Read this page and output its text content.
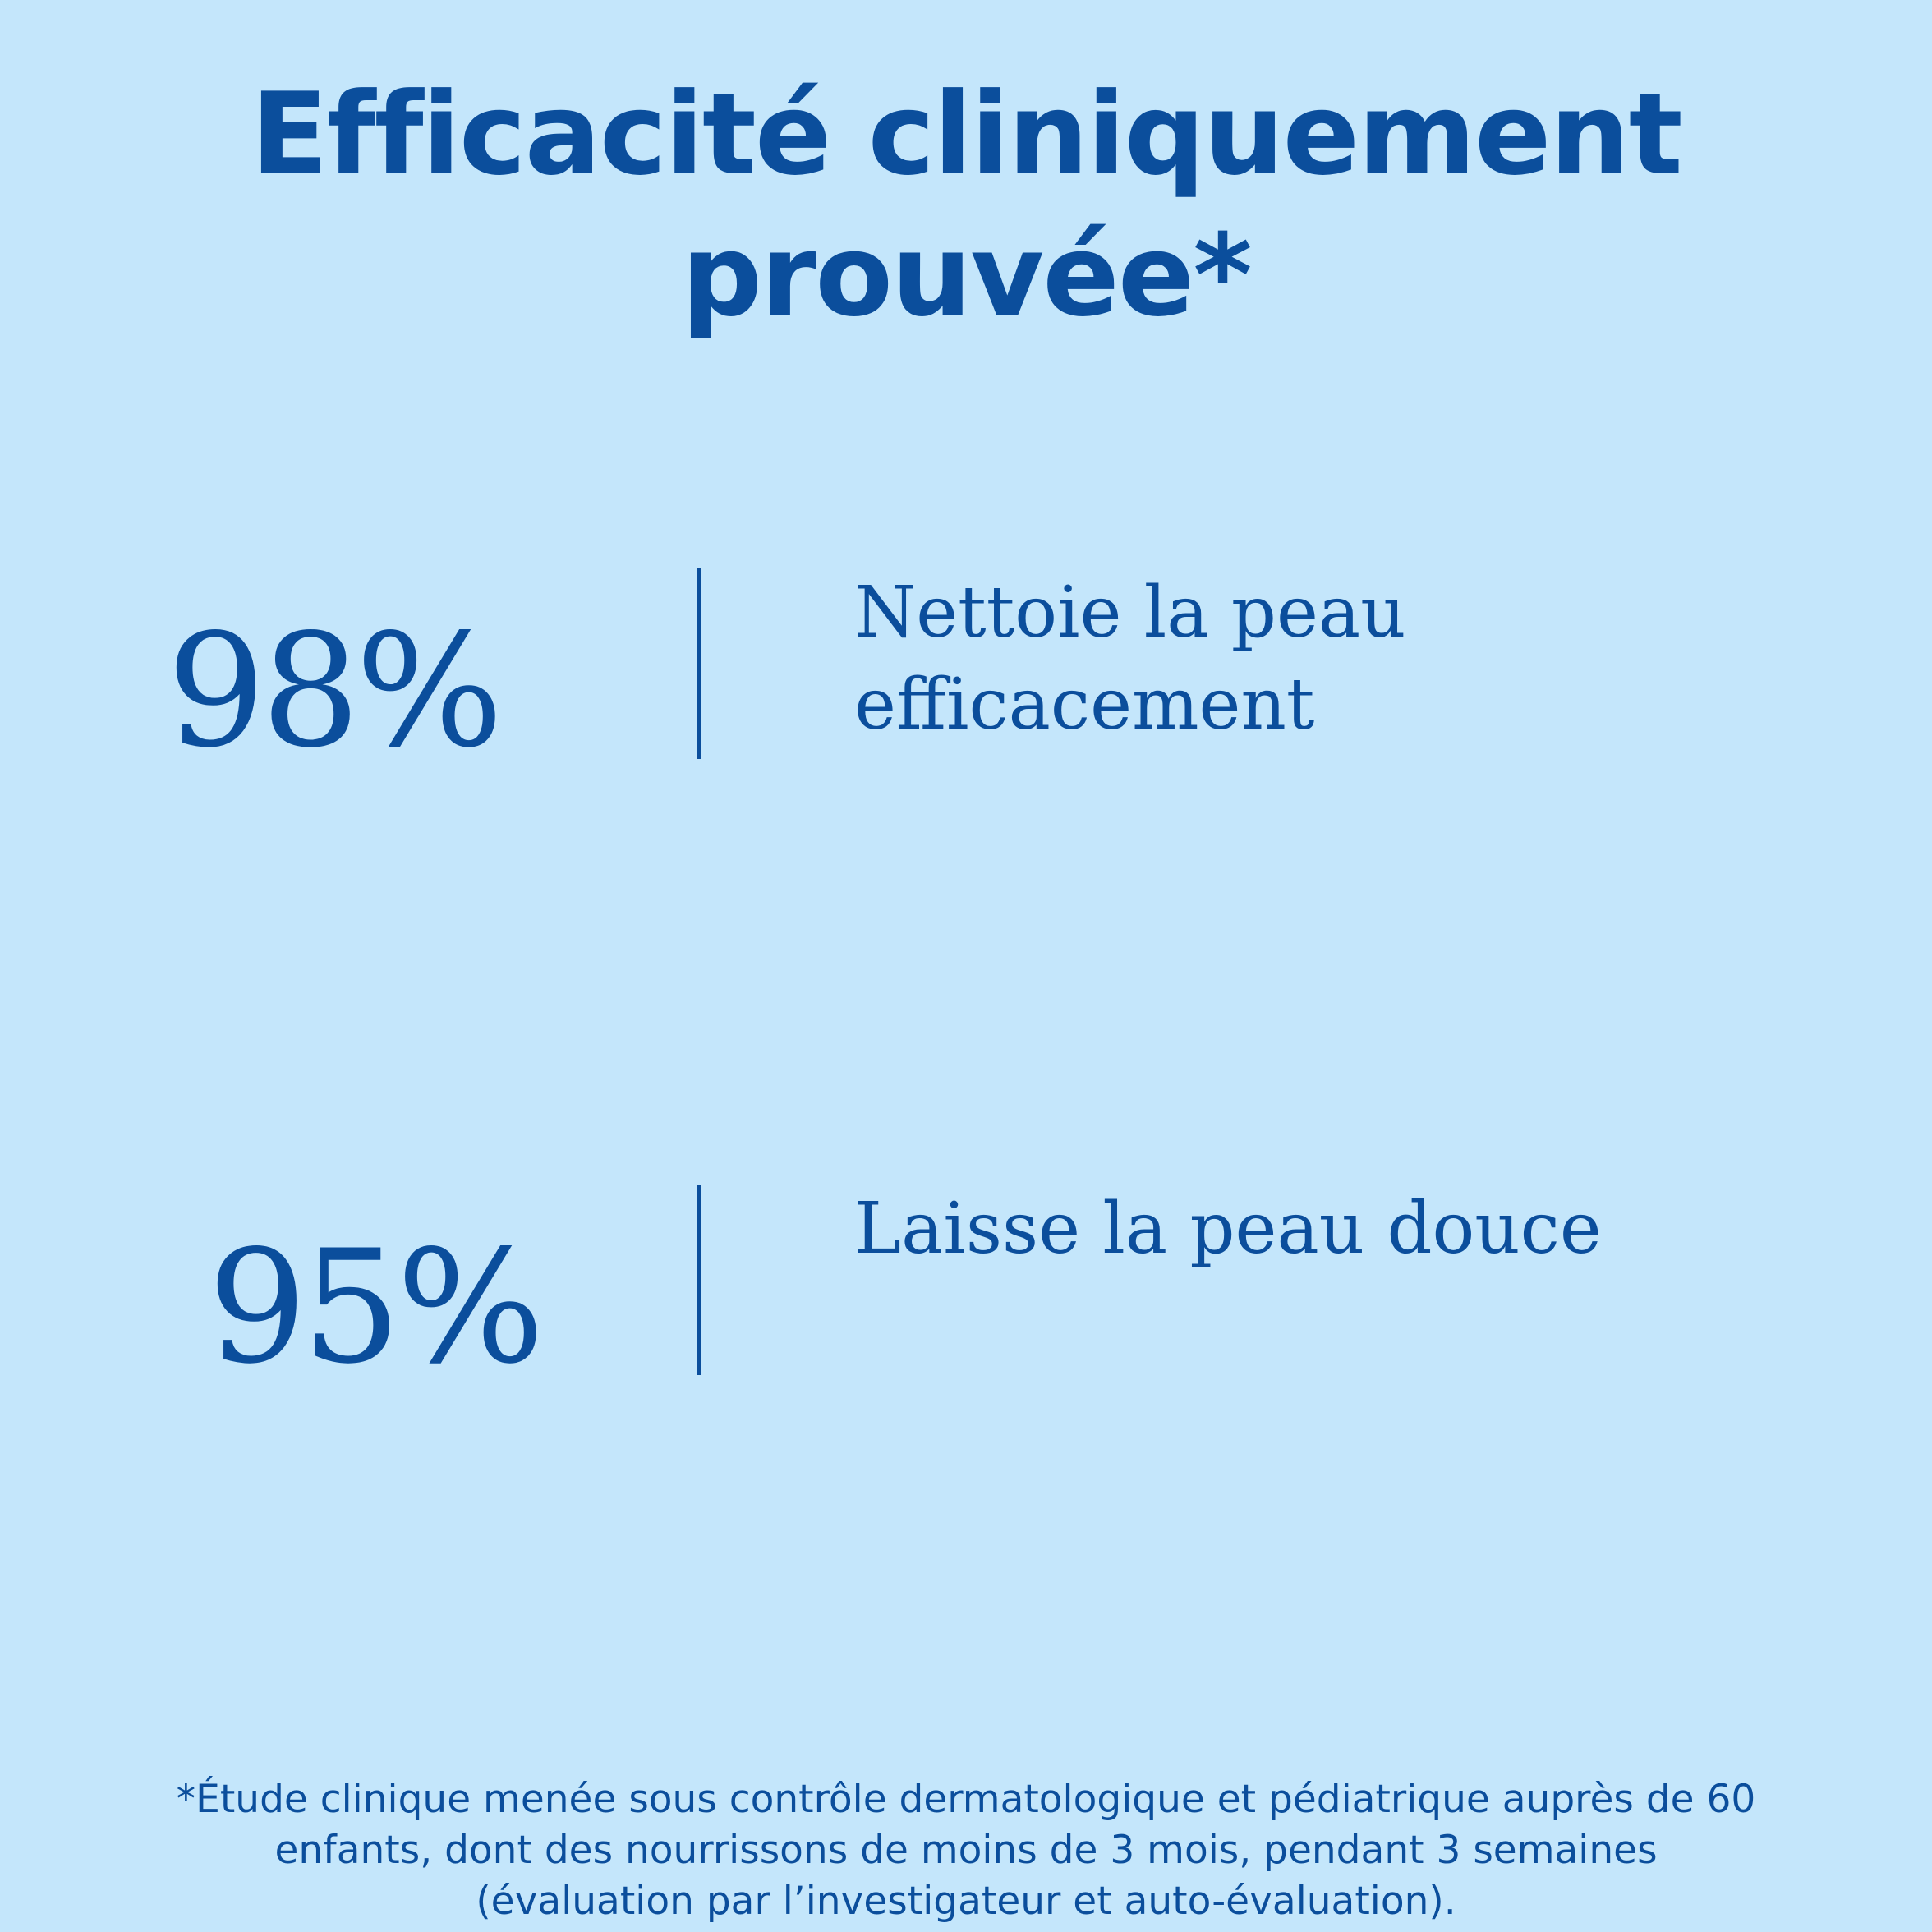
Efficacité cliniquement
prouvée*
98%	Nettoie la peau
efficacement

95%	Laisse la peau douce

*Étude clinique menée sous contrôle dermatologique et pédiatrique auprès de 60
enfants, dont des nourrissons de moins de 3 mois, pendant 3 semaines
(évaluation par l’investigateur et auto-évaluation).
